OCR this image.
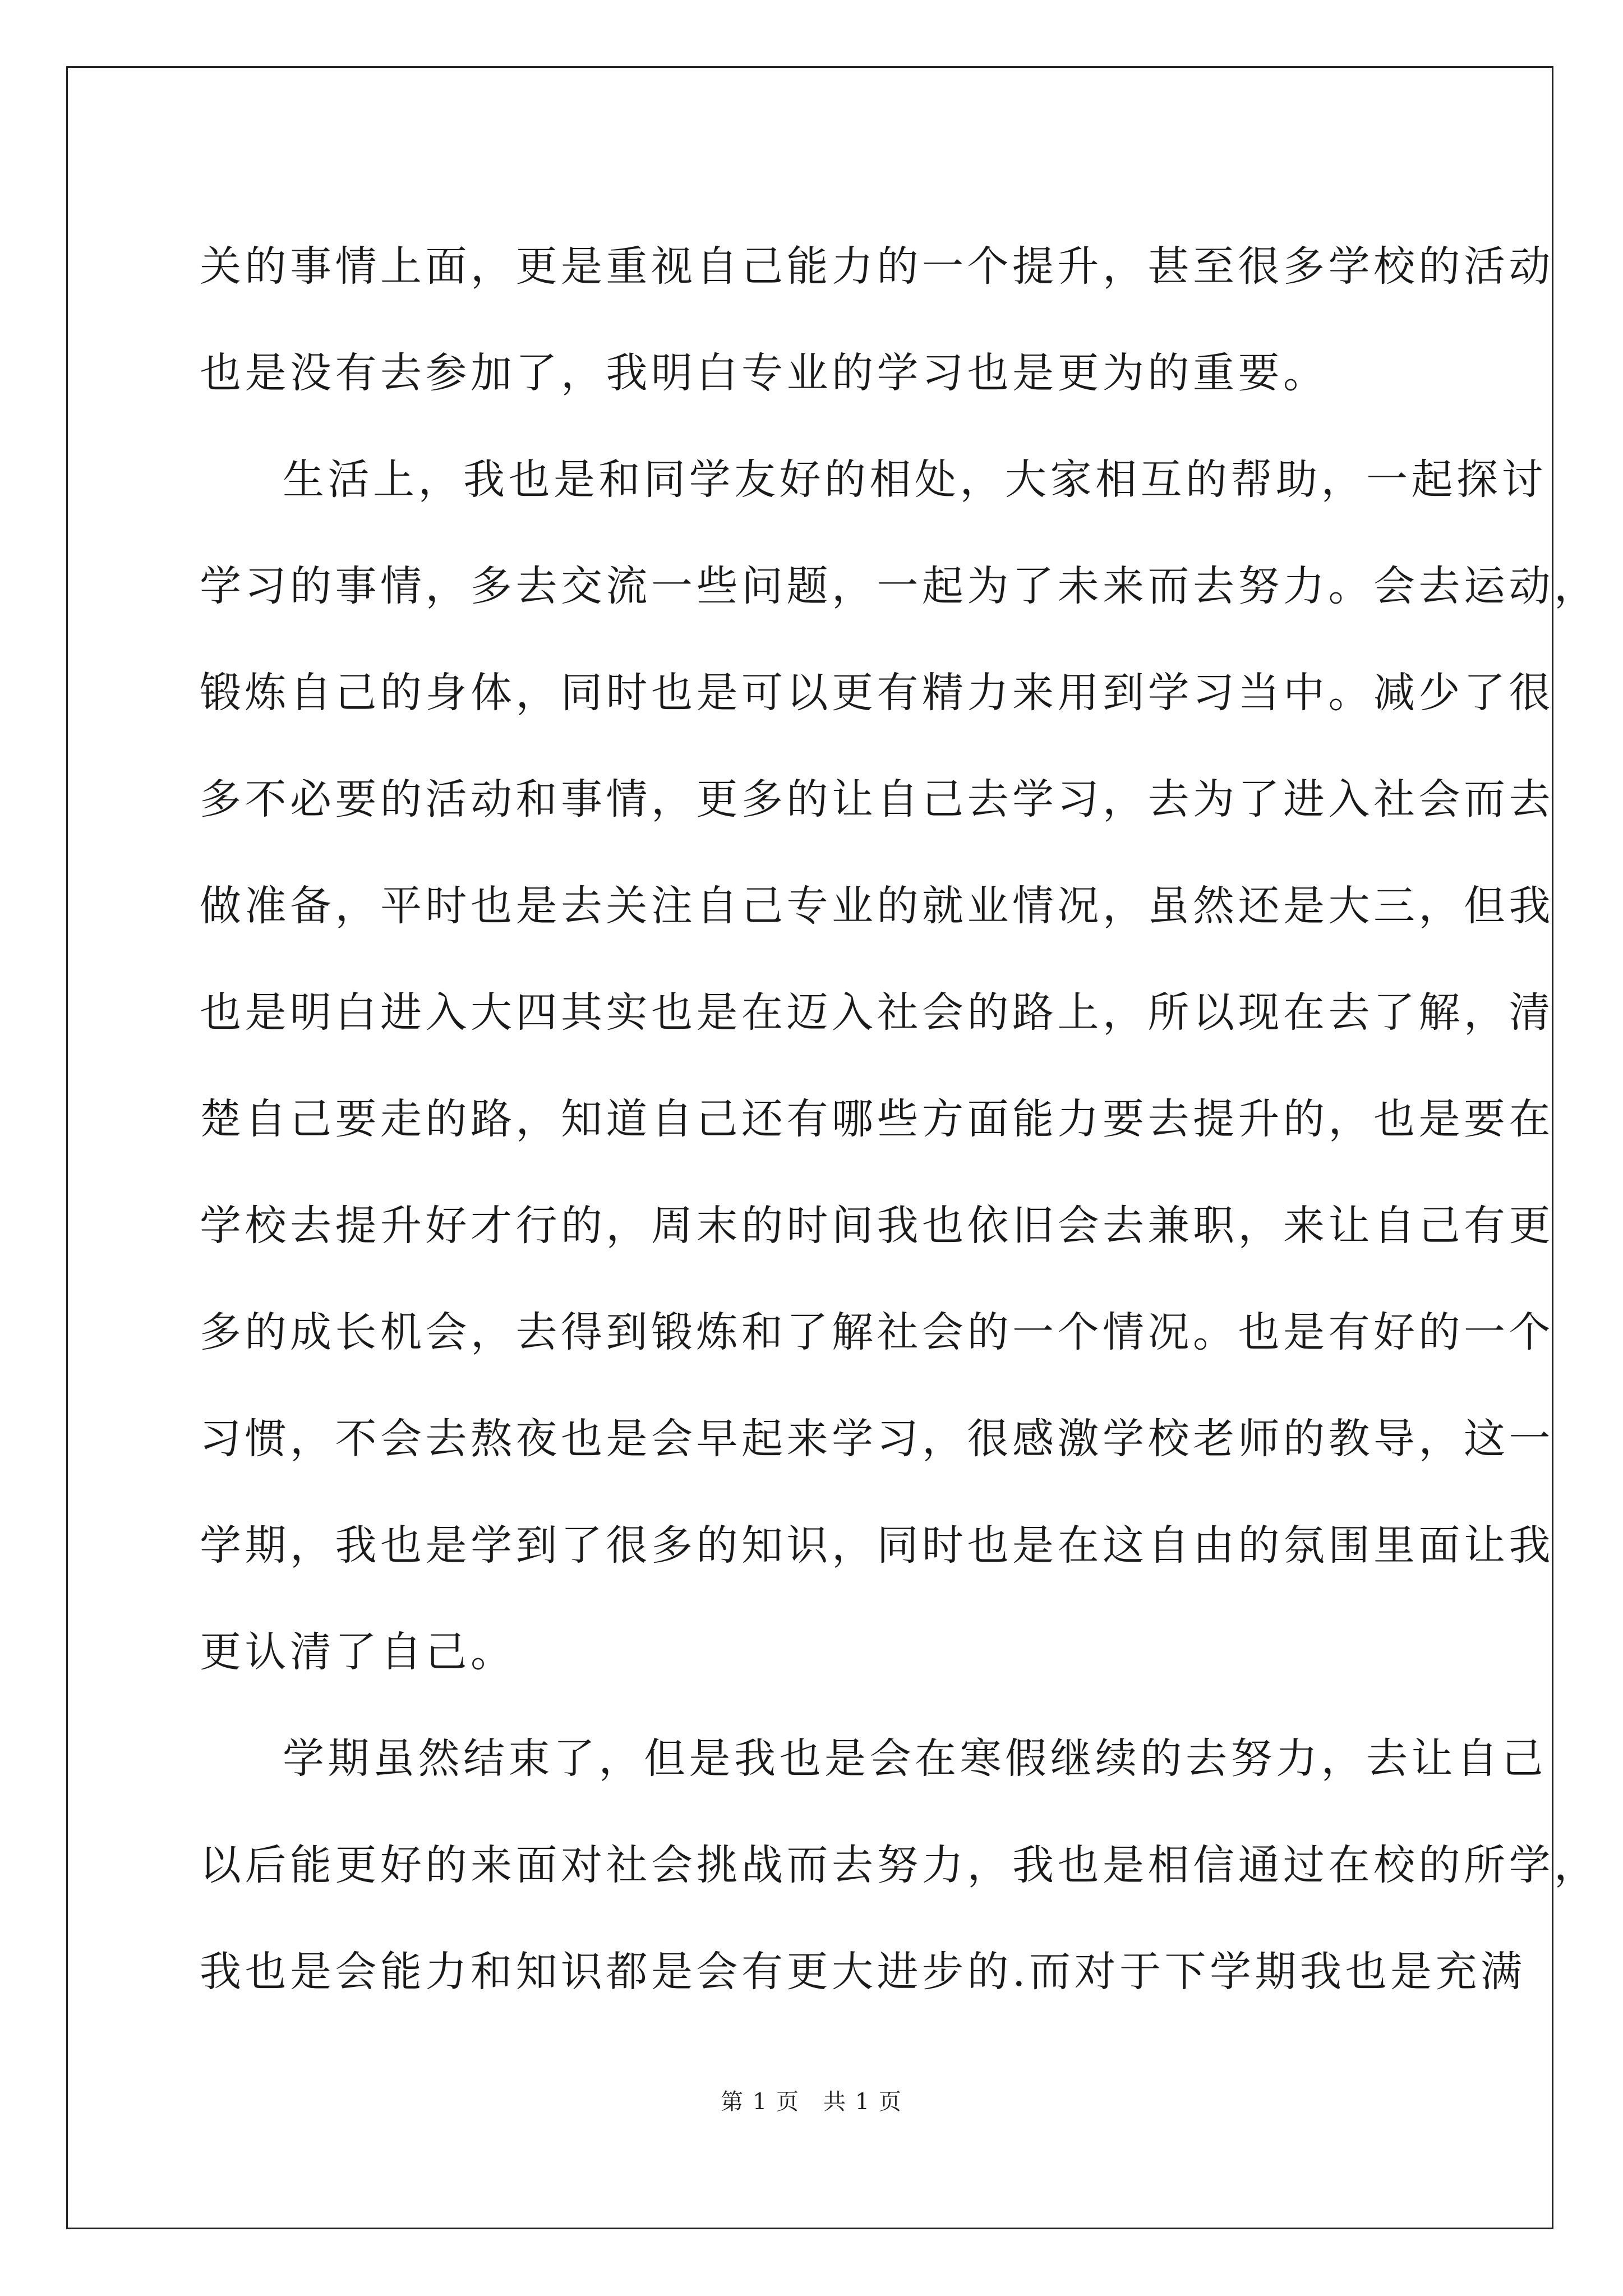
关的事情上面，更是重视自己能力的一个提升，甚至很多学校的活动
也是没有去参加了，我明白专业的学习也是更为的重要。
生活上，我也是和同学友好的相处，大家相互的帮助，一起探讨
学习的事情，多去交流一些问题，一起为了未来而去努力。会去运动，
锻炼自己的身体，同时也是可以更有精力来用到学习当中。减少了很
多不必要的活动和事情，更多的让自己去学习，去为了进入社会而去
做准备，平时也是去关注自己专业的就业情况，虽然还是大三，但我
也是明白进入大四其实也是在迈入社会的路上，所以现在去了解，清
楚自己要走的路，知道自己还有哪些方面能力要去提升的，也是要在
学校去提升好才行的，周末的时间我也依旧会去兼职，来让自己有更
多的成长机会，去得到锻炼和了解社会的一个情况。也是有好的一个
习惯，不会去熬夜也是会早起来学习，很感激学校老师的教导，这一
学期，我也是学到了很多的知识，同时也是在这自由的氛围里面让我
更认清了自己。
学期虽然结束了，但是我也是会在寒假继续的去努力，去让自己
以后能更好的来面对社会挑战而去努力，我也是相信通过在校的所学，
我也是会能力和知识都是会有更大进步的.而对于下学期我也是充满
第 1 页　共 1 页
